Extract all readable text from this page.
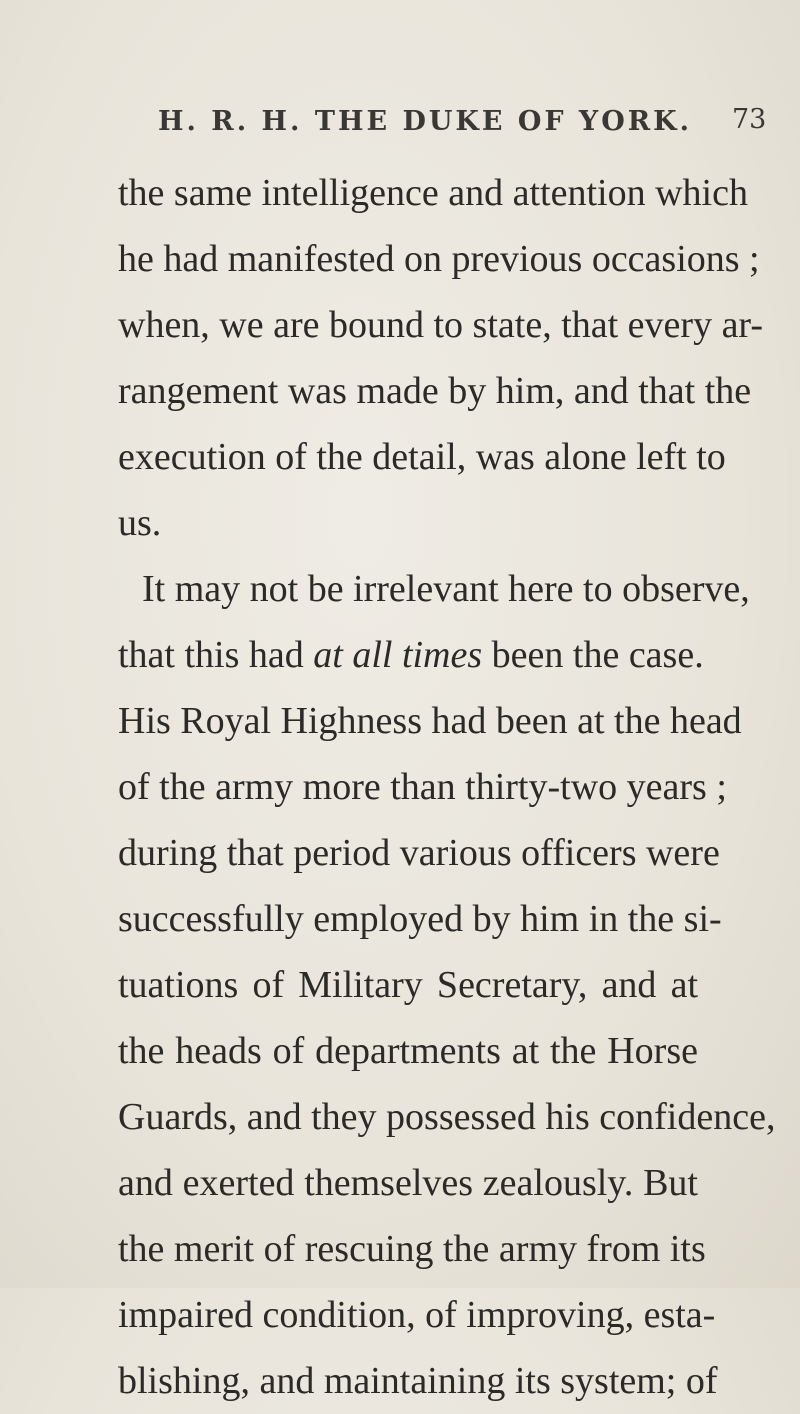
H. R. H. THE DUKE OF YORK. 73
the same intelligence and attention which
he had manifested on previous occasions ;
when, we are bound to state, that every ar-
rangement was made by him, and that the
execution of the detail, was alone left to
us.
It may not be irrelevant here to observe,
that this had at all times been the case.
His Royal Highness had been at the head
of the army more than thirty-two years ;
during that period various officers were
successfully employed by him in the si-
tuations of Military Secretary, and at
the heads of departments at the Horse
Guards, and they possessed his confidence,
and exerted themselves zealously. But
the merit of rescuing the army from its
impaired condition, of improving, esta-
blishing, and maintaining its system; of
